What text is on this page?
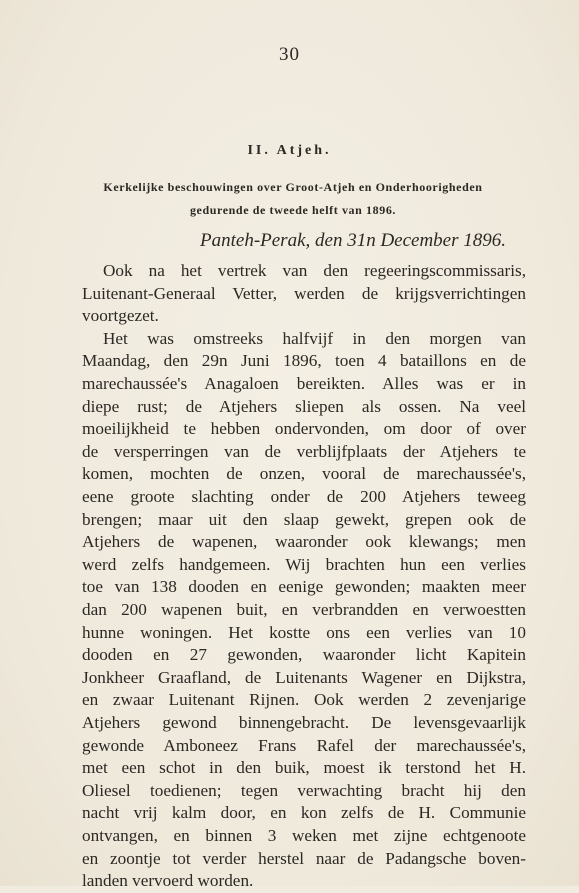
30
II. Atjeh.
Kerkelijke beschouwingen over Groot-Atjeh en Onderhoorigheden
gedurende de tweede helft van 1896.
Panteh-Perak, den 31n December 1896.
Ook na het vertrek van den regeeringscommissaris,
Luitenant-Generaal Vetter, werden de krijgsverrichtingen
voortgezet.
Het was omstreeks halfvijf in den morgen van
Maandag, den 29n Juni 1896, toen 4 bataillons en de
marechaussée's Anagaloen bereikten. Alles was er in
diepe rust; de Atjehers sliepen als ossen. Na veel
moeilijkheid te hebben ondervonden, om door of over
de versperringen van de verblijfplaats der Atjehers te
komen, mochten de onzen, vooral de marechaussée's,
eene groote slachting onder de 200 Atjehers teweeg
brengen; maar uit den slaap gewekt, grepen ook de
Atjehers de wapenen, waaronder ook klewangs; men
werd zelfs handgemeen. Wij brachten hun een verlies
toe van 138 dooden en eenige gewonden; maakten meer
dan 200 wapenen buit, en verbrandden en verwoestten
hunne woningen. Het kostte ons een verlies van 10
dooden en 27 gewonden, waaronder licht Kapitein
Jonkheer Graafland, de Luitenants Wagener en Dijkstra,
en zwaar Luitenant Rijnen. Ook werden 2 zevenjarige
Atjehers gewond binnengebracht. De levensgevaarlijk
gewonde Amboneez Frans Rafel der marechaussée's,
met een schot in den buik, moest ik terstond het H.
Oliesel toedienen; tegen verwachting bracht hij den
nacht vrij kalm door, en kon zelfs de H. Communie
ontvangen, en binnen 3 weken met zijne echtgenoote
en zoontje tot verder herstel naar de Padangsche boven-
landen vervoerd worden.
